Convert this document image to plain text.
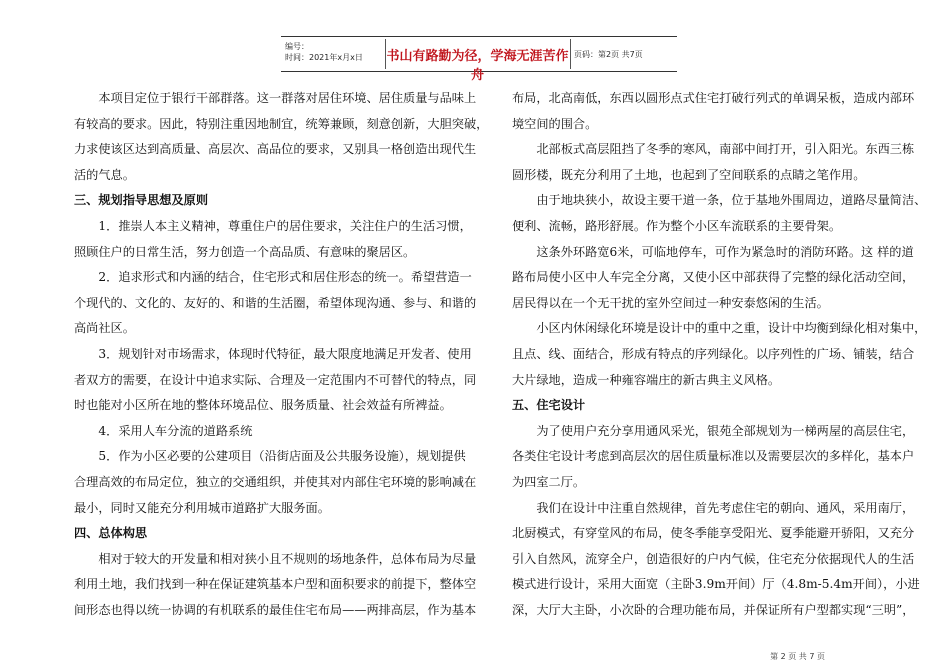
编号：
时间：2021年x月x日 书山有路勤为径，学海无涯苦作舟
页码：第2页 共7页

　　本项目定位于银行干部群落。这一群落对居住环境、居住质量与品味上

有较高的要求。因此，特别注重因地制宜，统筹兼顾，刻意创新，大胆突破，

力求使该区达到高质量、高层次、高品位的要求，又别具一格创造出现代生

活的气息。

三、规划指导思想及原则

　　1．推崇人本主义精神，尊重住户的居住要求，关注住户的生活习惯，

照顾住户的日常生活，努力创造一个高品质、有意味的聚居区。

　　2．追求形式和内涵的结合，住宅形式和居住形态的统一。希望营造一

个现代的、文化的、友好的、和谐的生活圈，希望体现沟通、参与、和谐的

高尚社区。

　　3．规划针对市场需求，体现时代特征，最大限度地满足开发者、使用

者双方的需要，在设计中追求实际、合理及一定范围内不可替代的特点，同

时也能对小区所在地的整体环境品位、服务质量、社会效益有所裨益。

　　4．采用人车分流的道路系统

　　5．作为小区必要的公建项目（沿街店面及公共服务设施），规划提供

合理高效的布局定位，独立的交通组织，并使其对内部住宅环境的影响减在

最小，同时又能充分利用城市道路扩大服务面。

四、总体构思

　　相对于较大的开发量和相对狭小且不规则的场地条件，总体布局为尽量

利用土地，我们找到一种在保证建筑基本户型和面积要求的前提下，整体空

间形态也得以统一协调的有机联系的最佳住宅布局——两排高层，作为基本

布局，北高南低，东西以圆形点式住宅打破行列式的单调呆板，造成内部环

境空间的围合。

　　北部板式高层阻挡了冬季的寒风，南部中间打开，引入阳光。东西三栋

圆形楼，既充分利用了土地，也起到了空间联系的点睛之笔作用。

　　由于地块狭小，故设主要干道一条，位于基地外围周边，道路尽量简洁、

便利、流畅，路形舒展。作为整个小区车流联系的主要骨架。

　　这条外环路宽6米，可临地停车，可作为紧急时的消防环路。这 样的道

路布局使小区中人车完全分离，又使小区中部获得了完整的绿化活动空间，

居民得以在一个无干扰的室外空间过一种安泰悠闲的生活。

　　小区内休闲绿化环境是设计中的重中之重，设计中均衡到绿化相对集中，

且点、线、面结合，形成有特点的序列绿化。以序列性的广场、铺装，结合

大片绿地，造成一种雍容端庄的新古典主义风格。

五、住宅设计

　　为了使用户充分享用通风采光，银苑全部规划为一梯两屋的高层住宅，

各类住宅设计考虑到高层次的居住质量标准以及需要层次的多样化，基本户

为四室二厅。

　　我们在设计中注重自然规律，首先考虑住宅的朝向、通风，采用南厅，

北厨模式，有穿堂风的布局，使冬季能享受阳光、夏季能避开骄阳，又充分

引入自然风，流穿全户，创造很好的户内气候，住宅充分依据现代人的生活

模式进行设计，采用大面宽（主卧3.9m开间）厅（4.8m-5.4m开间），小进

深，大厅大主卧，小次卧的合理功能布局，并保证所有户型都实现“三明”，

第 2 页 共 7 页
